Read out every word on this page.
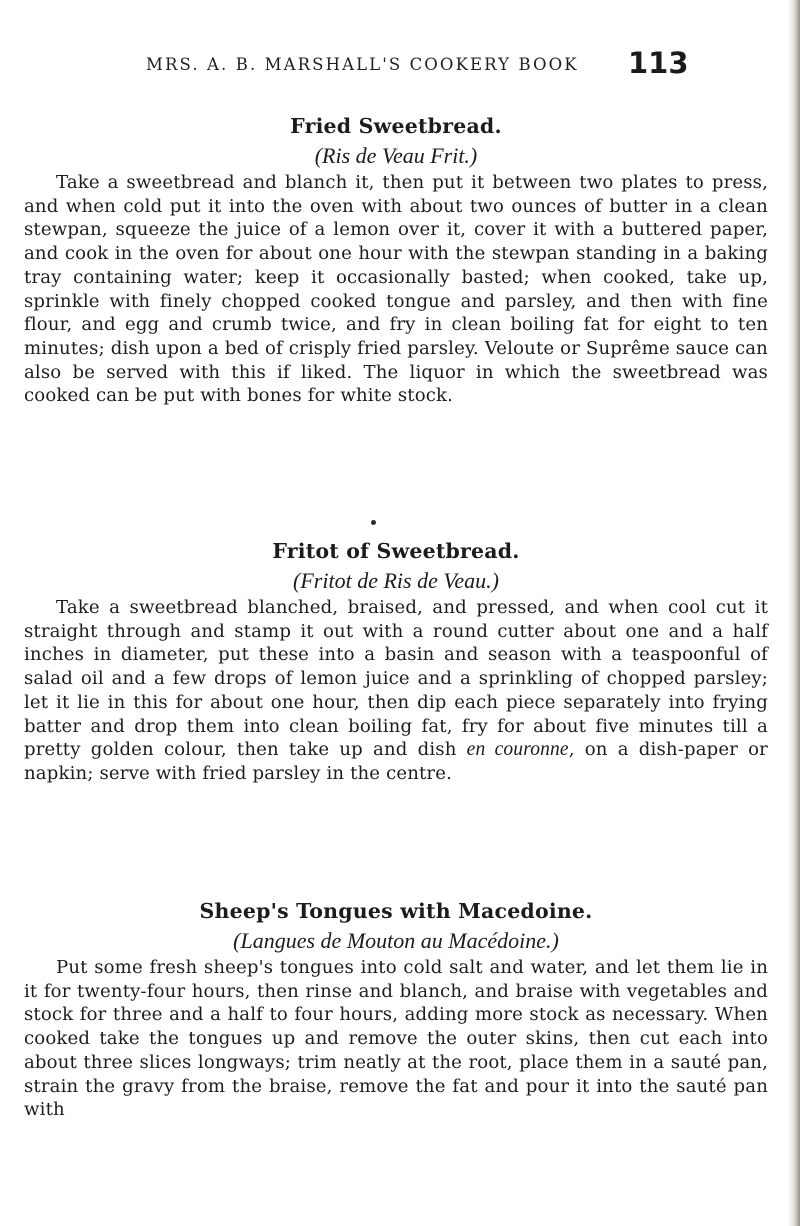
MRS. A. B. MARSHALL'S COOKERY BOOK	113
Fried Sweetbread.
(Ris de Veau Frit.)

Take a sweetbread and blanch it, then put it between two plates to press, and when cold put it into the oven with about two ounces of butter in a clean stewpan, squeeze the juice of a lemon over it, cover it with a buttered paper, and cook in the oven for about one hour with the stewpan standing in a baking tray containing water; keep it occasionally basted; when cooked, take up, sprinkle with finely chopped cooked tongue and parsley, and then with fine flour, and egg and crumb twice, and fry in clean boiling fat for eight to ten minutes; dish upon a bed of crisply fried parsley. Veloute or Suprême sauce can also be served with this if liked. The liquor in which the sweetbread was cooked can be put with bones for white stock.

Fritot of Sweetbread.
(Fritot de Ris de Veau.)

Take a sweetbread blanched, braised, and pressed, and when cool cut it straight through and stamp it out with a round cutter about one and a half inches in diameter, put these into a basin and season with a teaspoonful of salad oil and a few drops of lemon juice and a sprinkling of chopped parsley; let it lie in this for about one hour, then dip each piece separately into frying batter and drop them into clean boiling fat, fry for about five minutes till a pretty golden colour, then take up and dish en couronne, on a dish-paper or napkin; serve with fried parsley in the centre.

Sheep's Tongues with Macedoine.
(Langues de Mouton au Macédoine.)

Put some fresh sheep's tongues into cold salt and water, and let them lie in it for twenty-four hours, then rinse and blanch, and braise with vegetables and stock for three and a half to four hours, adding more stock as necessary. When cooked take the tongues up and remove the outer skins, then cut each into about three slices longways; trim neatly at the root, place them in a sauté pan, strain the gravy from the braise, remove the fat and pour it into the sauté pan with
